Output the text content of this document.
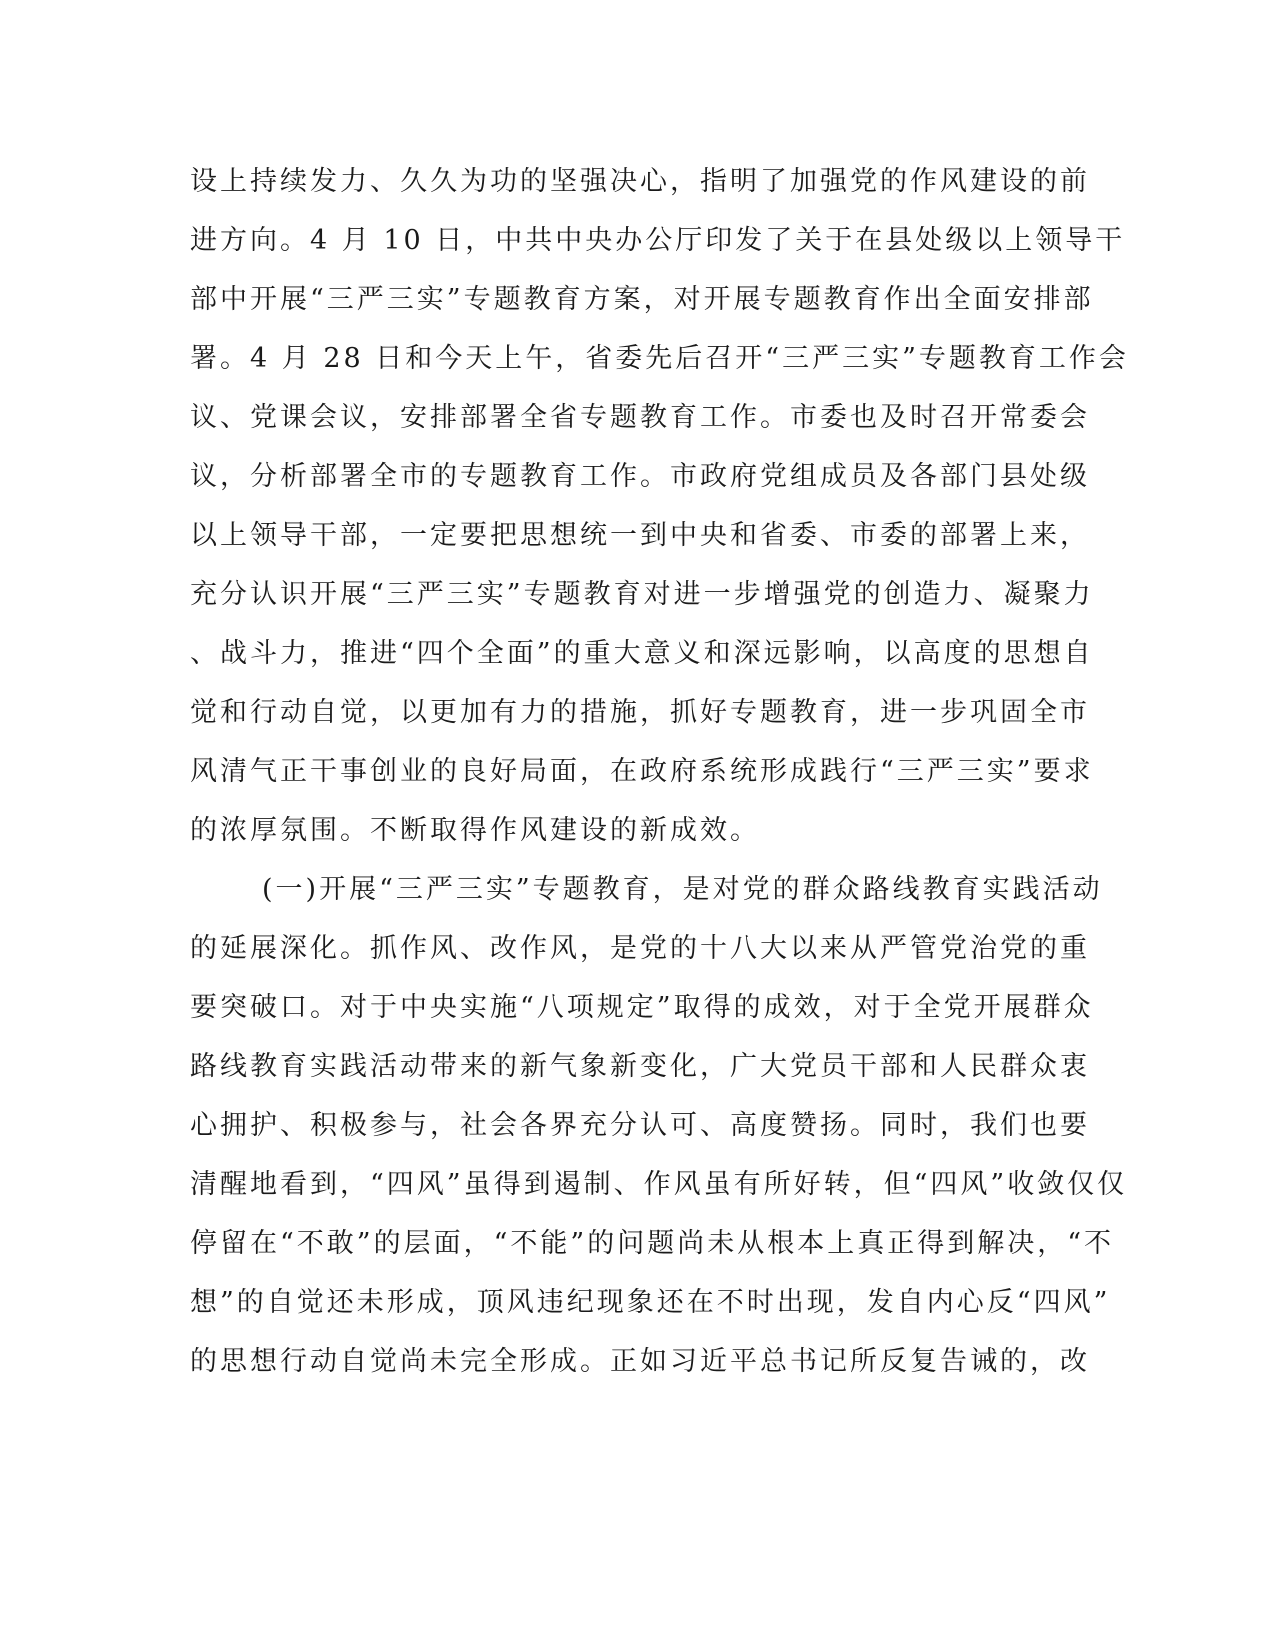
设上持续发力、久久为功的坚强决心，指明了加强党的作风建设的前
进方向。4 月 10 日，中共中央办公厅印发了关于在县处级以上领导干
部中开展“三严三实”专题教育方案，对开展专题教育作出全面安排部
署。4 月 28 日和今天上午，省委先后召开“三严三实”专题教育工作会
议、党课会议，安排部署全省专题教育工作。市委也及时召开常委会
议，分析部署全市的专题教育工作。市政府党组成员及各部门县处级
以上领导干部，一定要把思想统一到中央和省委、市委的部署上来，
充分认识开展“三严三实”专题教育对进一步增强党的创造力、凝聚力
、战斗力，推进“四个全面”的重大意义和深远影响，以高度的思想自
觉和行动自觉，以更加有力的措施，抓好专题教育，进一步巩固全市
风清气正干事创业的良好局面，在政府系统形成践行“三严三实”要求
的浓厚氛围。不断取得作风建设的新成效。
(一)开展“三严三实”专题教育，是对党的群众路线教育实践活动
的延展深化。抓作风、改作风，是党的十八大以来从严管党治党的重
要突破口。对于中央实施“八项规定”取得的成效，对于全党开展群众
路线教育实践活动带来的新气象新变化，广大党员干部和人民群众衷
心拥护、积极参与，社会各界充分认可、高度赞扬。同时，我们也要
清醒地看到，“四风”虽得到遏制、作风虽有所好转，但“四风”收敛仅仅
停留在“不敢”的层面，“不能”的问题尚未从根本上真正得到解决，“不
想”的自觉还未形成，顶风违纪现象还在不时出现，发自内心反“四风”
的思想行动自觉尚未完全形成。正如习近平总书记所反复告诫的，改
